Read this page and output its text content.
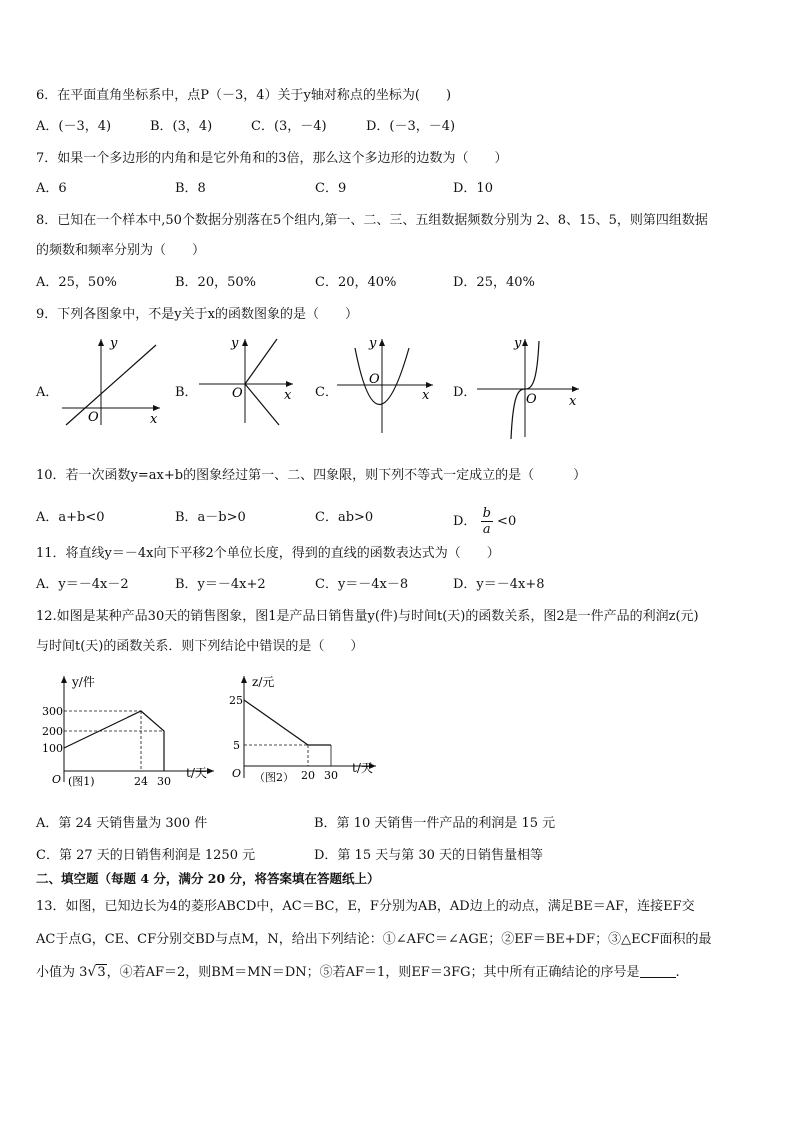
6．在平面直角坐标系中，点P（－3，4）关于y轴对称点的坐标为(　　)
A．(－3，4)	B．(3，4)	C．(3，－4)	D．(－3，－4)
7．如果一个多边形的内角和是它外角和的3倍，那么这个多边形的边数为（　　）
A．6	B．8	C．9	D．10
8．已知在一个样本中,50个数据分别落在5个组内,第一、二、三、五组数据频数分别为 2、8、15、5，则第四组数据
的频数和频率分别为（　　）
A．25，50%	B．20，50%	C．20，40%	D．25，40%
9．下列各图象中，不是y关于x的函数图象的是（　　）
A．
y
x
O
B．
y
x
O	C．
y
x
O
D．
y
x
O
10．若一次函数y=ax+b的图象经过第一、二、四象限，则下列不等式一定成立的是（　　　）
A．a+b<0	B．a－b>0	C．ab>0	D． $\frac{b}{a} <0$
11．将直线y＝－4x向下平移2个单位长度，得到的直线的函数表达式为（　　）
A．y＝－4x－2	B．y＝－4x+2	C．y＝－4x－8	D．y＝－4x+8
12.如图是某种产品30天的销售图象，图1是产品日销售量y(件)与时间t(天)的函数关系，图2是一件产品的利润z(元)
与时间t(天)的函数关系．则下列结论中错误的是（　　）
y/件
300
200
100
O (图1)	24 30
t/天
z/元
25
5
O （图2） 20 30
t/天
A．第 24 天销售量为 300 件	B．第 10 天销售一件产品的利润是 15 元
C．第 27 天的日销售利润是 1250 元	D．第 15 天与第 30 天的日销售量相等
二、填空题（每题 4 分，满分 20 分，将答案填在答题纸上）
13．如图，已知边长为4的菱形ABCD中，AC＝BC，E，F分别为AB，AD边上的动点，满足BE＝AF，连接EF交
AC于点G，CE、CF分别交BD与点M，N，给出下列结论：①∠AFC＝∠AGE；②EF＝BE+DF；③△ECF面积的最
小值为 3√3，④若AF＝2，则BM＝MN＝DN；⑤若AF＝1，则EF＝3FG；其中所有正确结论的序号是	.
